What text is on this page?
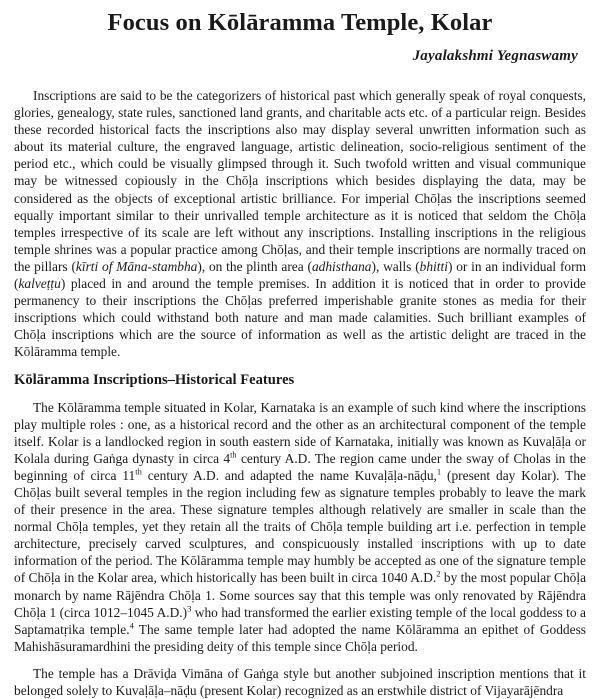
Focus on Kōlāramma Temple, Kolar
Jayalakshmi Yegnaswamy

Inscriptions are said to be the categorizers of historical past which generally speak of royal conquests, glories, genealogy, state rules, sanctioned land grants, and charitable acts etc. of a particular reign. Besides these recorded historical facts the inscriptions also may display several unwritten information such as about its material culture, the engraved language, artistic delineation, socio-religious sentiment of the period etc., which could be visually glimpsed through it. Such twofold written and visual communique may be witnessed copiously in the Chōḷa inscriptions which besides displaying the data, may be considered as the objects of exceptional artistic brilliance. For imperial Chōḷas the inscriptions seemed equally important similar to their unrivalled temple architecture as it is noticed that seldom the Chōḷa temples irrespective of its scale are left without any inscriptions. Installing inscriptions in the religious temple shrines was a popular practice among Chōḷas, and their temple inscriptions are normally traced on the pillars (kīrti of Māna-stambha), on the plinth area (adhisthana), walls (bhitti) or in an individual form (kalveṭṭu) placed in and around the temple premises. In addition it is noticed that in order to provide permanency to their inscriptions the Chōḷas preferred imperishable granite stones as media for their inscriptions which could withstand both nature and man made calamities. Such brilliant examples of Chōḷa inscriptions which are the source of information as well as the artistic delight are traced in the Kōlāramma temple.

Kōlāramma Inscriptions–Historical Features

The Kōlāramma temple situated in Kolar, Karnataka is an example of such kind where the inscriptions play multiple roles : one, as a historical record and the other as an architectural component of the temple itself. Kolar is a landlocked region in south eastern side of Karnataka, initially was known as Kuvaḷāḷa or Kolala during Gaṅga dynasty in circa 4th century A.D. The region came under the sway of Cholas in the beginning of circa 11th century A.D. and adapted the name Kuvaḷāḷa-nāḍu,$^1$ (present day Kolar). The Chōḷas built several temples in the region including few as signature temples probably to leave the mark of their presence in the area. These signature temples although relatively are smaller in scale than the normal Chōḷa temples, yet they retain all the traits of Chōḷa temple building art i.e. perfection in temple architecture, precisely carved sculptures, and conspicuously installed inscriptions with up to date information of the period. The Kōlāramma temple may humbly be accepted as one of the signature temple of Chōḷa in the Kolar area, which historically has been built in circa 1040 A.D.$^2$ by the most popular Chōḷa monarch by name Rājēndra Chōḷa 1. Some sources say that this temple was only renovated by Rājēndra Chōḷa 1 (circa 1012–1045 A.D.)$^3$ who had transformed the earlier existing temple of the local goddess to a Saptamatṛika temple.$^4$ The same temple later had adopted the name Kōlāramma an epithet of Goddess Mahishāsuramardhini the presiding deity of this temple since Chōḷa period.

The temple has a Drāviḍa Vimāna of Gaṅga style but another subjoined inscription mentions that it belonged solely to Kuvaḷāḷa–nāḍu (present Kolar) recognized as an erstwhile district of Vijayarājēndra
